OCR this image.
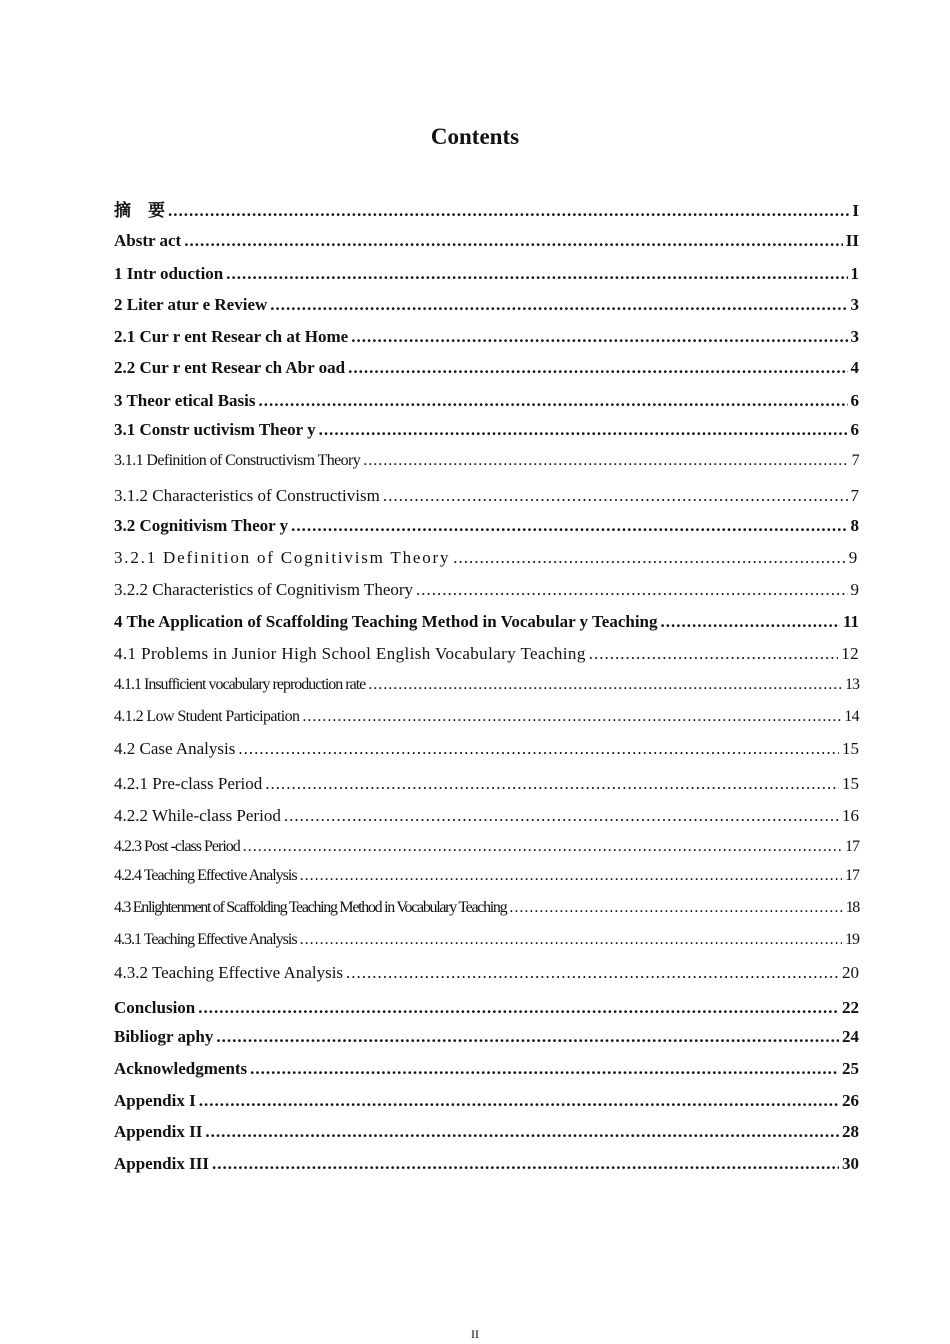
Contents
摘　要 .....	I
Abstr act .....	II
1 Intr oduction .....	1
2 Liter atur e Review .....	3
2.1 Cur r ent Resear ch at Home .....	3
2.2 Cur r ent Resear ch Abr oad .....	4
3 Theor etical Basis .....	6
3.1 Constr uctivism Theor y .....	6
3.1.1 Definition of Constructivism Theory .....	7
3.1.2 Characteristics of Constructivism .....	7
3.2 Cognitivism Theor y .....	8
3.2.1 Definition of Cognitivism Theory .....	9
3.2.2 Characteristics of Cognitivism Theory .....	9
4 The Application of Scaffolding Teaching Method in Vocabular y Teaching .....	11
4.1 Problems in Junior High School English Vocabulary Teaching .....	12
4.1.1 Insufficient vocabulary reproduction rate .....	13
4.1.2 Low Student Participation .....	14
4.2 Case Analysis .....	15
4.2.1 Pre-class Period .....	15
4.2.2 While-class Period .....	16
4.2.3 Post -class Period .....	17
4.2.4 Teaching Effective Analysis .....	17
4.3 Enlightenment of Scaffolding Teaching Method in Vocabulary Teaching .....	18
4.3.1 Teaching Effective Analysis .....	19
4.3.2 Teaching Effective Analysis .....	20
Conclusion .....	22
Bibliogr aphy .....	24
Acknowledgments .....	25
Appendix I .....	26
Appendix II .....	28
Appendix III .....	30
II
